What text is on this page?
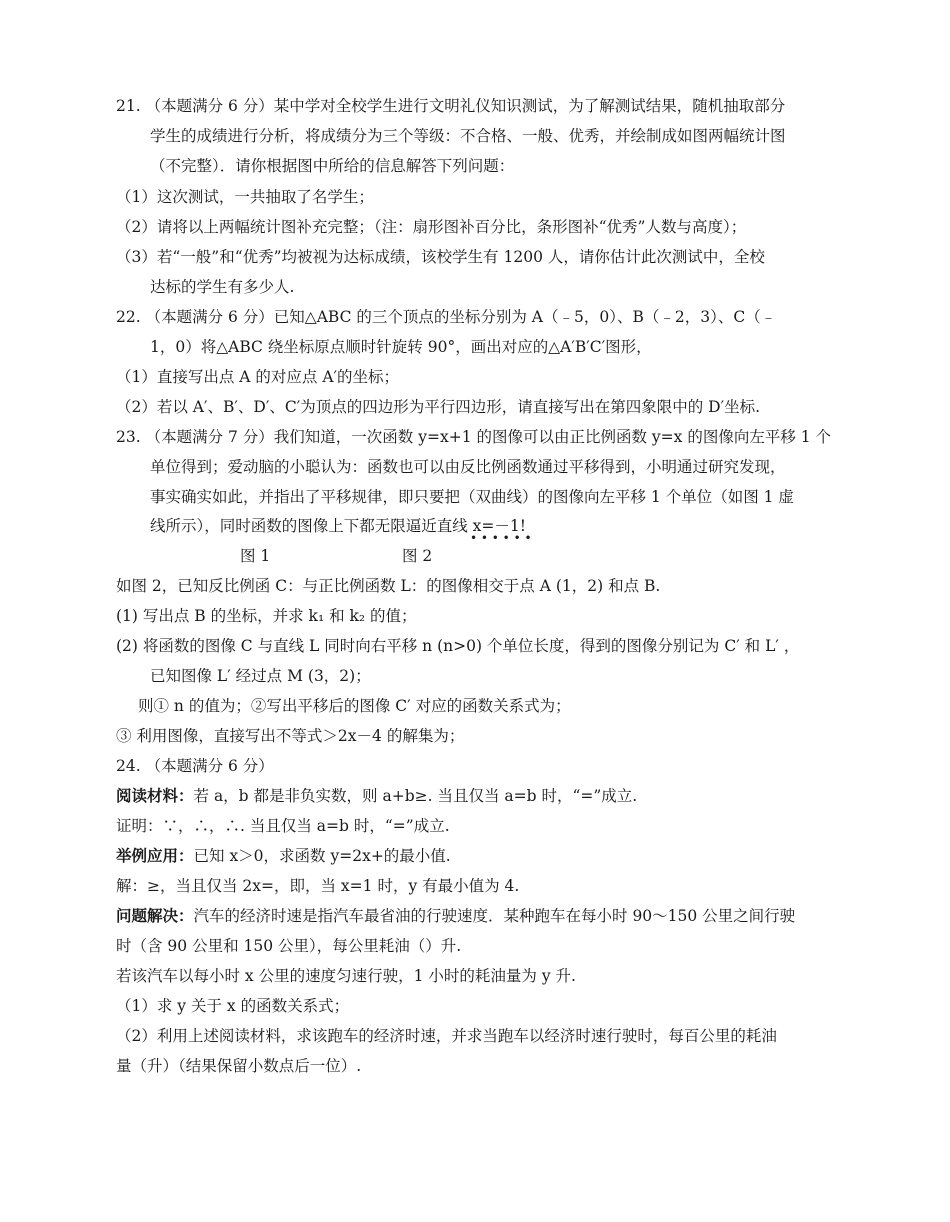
21. （本题满分 6 分）某中学对全校学生进行文明礼仪知识测试，为了解测试结果，随机抽取部分
学生的成绩进行分析，将成绩分为三个等级：不合格、一般、优秀，并绘制成如图两幅统计图
（不完整）．请你根据图中所给的信息解答下列问题：
（1）这次测试，一共抽取了名学生；
（2）请将以上两幅统计图补充完整；（注：扇形图补百分比，条形图补“优秀”人数与高度）；
（3）若“一般”和“优秀”均被视为达标成绩，该校学生有 1200 人，请你估计此次测试中，全校
达标的学生有多少人.
22. （本题满分 6 分）已知△ABC 的三个顶点的坐标分别为 A（﹣5，0）、B（﹣2，3）、C（﹣
1，0）将△ABC 绕坐标原点顺时针旋转 90°，画出对应的△A′B′C′图形，
（1）直接写出点 A 的对应点 A′的坐标；
（2）若以 A′、B′、D′、C′为顶点的四边形为平行四边形，请直接写出在第四象限中的 D′坐标.
23. （本题满分 7 分）我们知道，一次函数 y=x+1 的图像可以由正比例函数 y=x 的图像向左平移 1 个
单位得到；爱动脑的小聪认为：函数也可以由反比例函数通过平移得到，小明通过研究发现，
事实确实如此，并指出了平移规律，即只要把（双曲线）的图像向左平移 1 个单位（如图 1 虚
线所示），同时函数的图像上下都无限逼近直线 x=－1!
• • • • • •
图 1	图 2
如图 2，已知反比例函 C：与正比例函数 L：的图像相交于点 A (1，2) 和点 B.
(1) 写出点 B 的坐标，并求 k₁ 和 k₂ 的值；
(2) 将函数的图像 C 与直线 L 同时向右平移 n (n>0) 个单位长度，得到的图像分别记为 C′ 和 L′ ，
已知图像 L′ 经过点 M (3，2)；
则① n 的值为；②写出平移后的图像 C′ 对应的函数关系式为；
③ 利用图像，直接写出不等式＞2x－4 的解集为；
24. （本题满分 6 分）
阅读材料：若 a，b 都是非负实数，则 a+b≥. 当且仅当 a=b 时，“=”成立.
证明：∵，∴，∴. 当且仅当 a=b 时，“=”成立.
举例应用：已知 x＞0，求函数 y=2x+的最小值.
解：≥，当且仅当 2x=，即，当 x=1 时，y 有最小值为 4.
问题解决：汽车的经济时速是指汽车最省油的行驶速度．某种跑车在每小时 90～150 公里之间行驶
时（含 90 公里和 150 公里），每公里耗油（）升.
若该汽车以每小时 x 公里的速度匀速行驶，1 小时的耗油量为 y 升.
（1）求 y 关于 x 的函数关系式；
（2）利用上述阅读材料，求该跑车的经济时速，并求当跑车以经济时速行驶时，每百公里的耗油
量（升）（结果保留小数点后一位）.
